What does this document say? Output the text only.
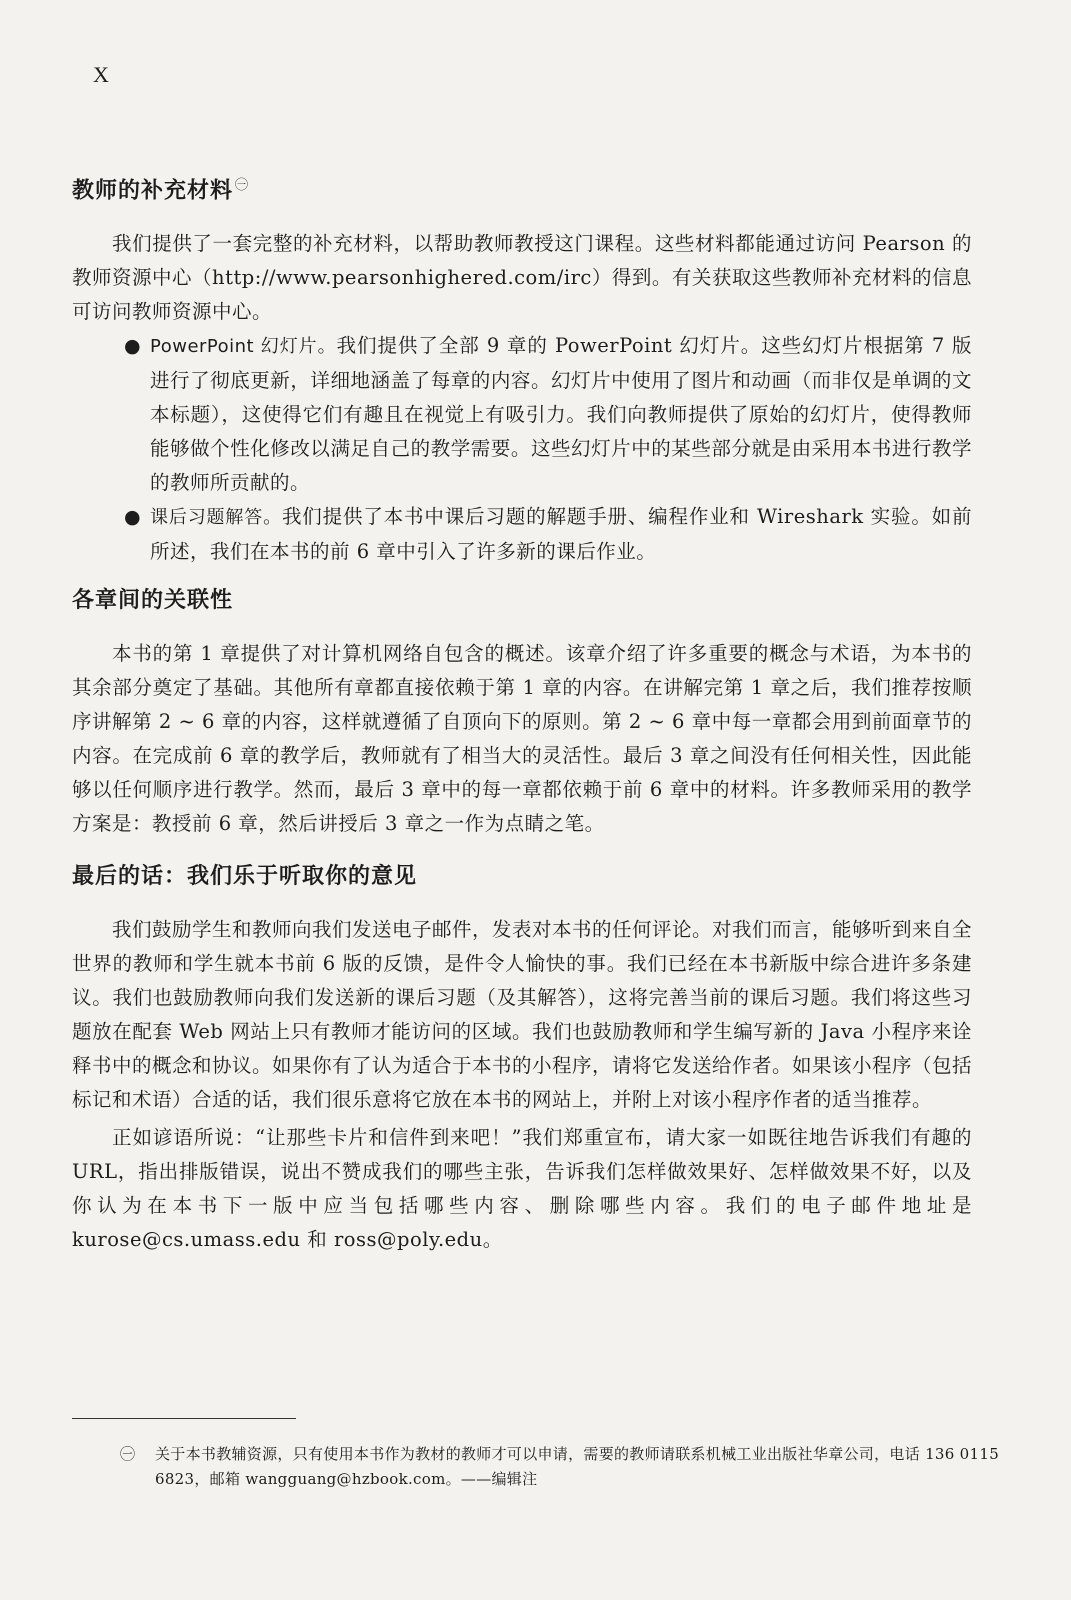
X
教师的补充材料 $^㊀$

我们提供了一套完整的补充材料，以帮助教师教授这门课程。这些材料都能通过访问 Pearson 的教师资源中心（http://www.pearsonhighered.com/irc）得到。有关获取这些教师补充材料的信息可访问教师资源中心。

● PowerPoint 幻灯片。我们提供了全部 9 章的 PowerPoint 幻灯片。这些幻灯片根据第 7 版进行了彻底更新，详细地涵盖了每章的内容。幻灯片中使用了图片和动画（而非仅是单调的文本标题），这使得它们有趣且在视觉上有吸引力。我们向教师提供了原始的幻灯片，使得教师能够做个性化修改以满足自己的教学需要。这些幻灯片中的某些部分就是由采用本书进行教学的教师所贡献的。
● 课后习题解答。我们提供了本书中课后习题的解题手册、编程作业和 Wireshark 实验。如前所述，我们在本书的前 6 章中引入了许多新的课后作业。
各章间的关联性

本书的第 1 章提供了对计算机网络自包含的概述。该章介绍了许多重要的概念与术语，为本书的其余部分奠定了基础。其他所有章都直接依赖于第 1 章的内容。在讲解完第 1 章之后，我们推荐按顺序讲解第 2 ~ 6 章的内容，这样就遵循了自顶向下的原则。第 2 ~ 6 章中每一章都会用到前面章节的内容。在完成前 6 章的教学后，教师就有了相当大的灵活性。最后 3 章之间没有任何相关性，因此能够以任何顺序进行教学。然而，最后 3 章中的每一章都依赖于前 6 章中的材料。许多教师采用的教学方案是：教授前 6 章，然后讲授后 3 章之一作为点睛之笔。

最后的话：我们乐于听取你的意见

我们鼓励学生和教师向我们发送电子邮件，发表对本书的任何评论。对我们而言，能够听到来自全世界的教师和学生就本书前 6 版的反馈，是件令人愉快的事。我们已经在本书新版中综合进许多条建议。我们也鼓励教师向我们发送新的课后习题（及其解答），这将完善当前的课后习题。我们将这些习题放在配套 Web 网站上只有教师才能访问的区域。我们也鼓励教师和学生编写新的 Java 小程序来诠释书中的概念和协议。如果你有了认为适合于本书的小程序，请将它发送给作者。如果该小程序（包括标记和术语）合适的话，我们很乐意将它放在本书的网站上，并附上对该小程序作者的适当推荐。

正如谚语所说：“让那些卡片和信件到来吧！”我们郑重宣布，请大家一如既往地告诉我们有趣的 URL，指出排版错误，说出不赞成我们的哪些主张，告诉我们怎样做效果好、怎样做效果不好，以及你认为在本书下一版中应当包括哪些内容、删除哪些内容。我们的电子邮件地址是 kurose@cs.umass.edu 和 ross@poly.edu。

㊀ 关于本书教辅资源，只有使用本书作为教材的教师才可以申请，需要的教师请联系机械工业出版社华章公司，电话 136 0115 6823，邮箱 wangguang@hzbook.com。——编辑注
